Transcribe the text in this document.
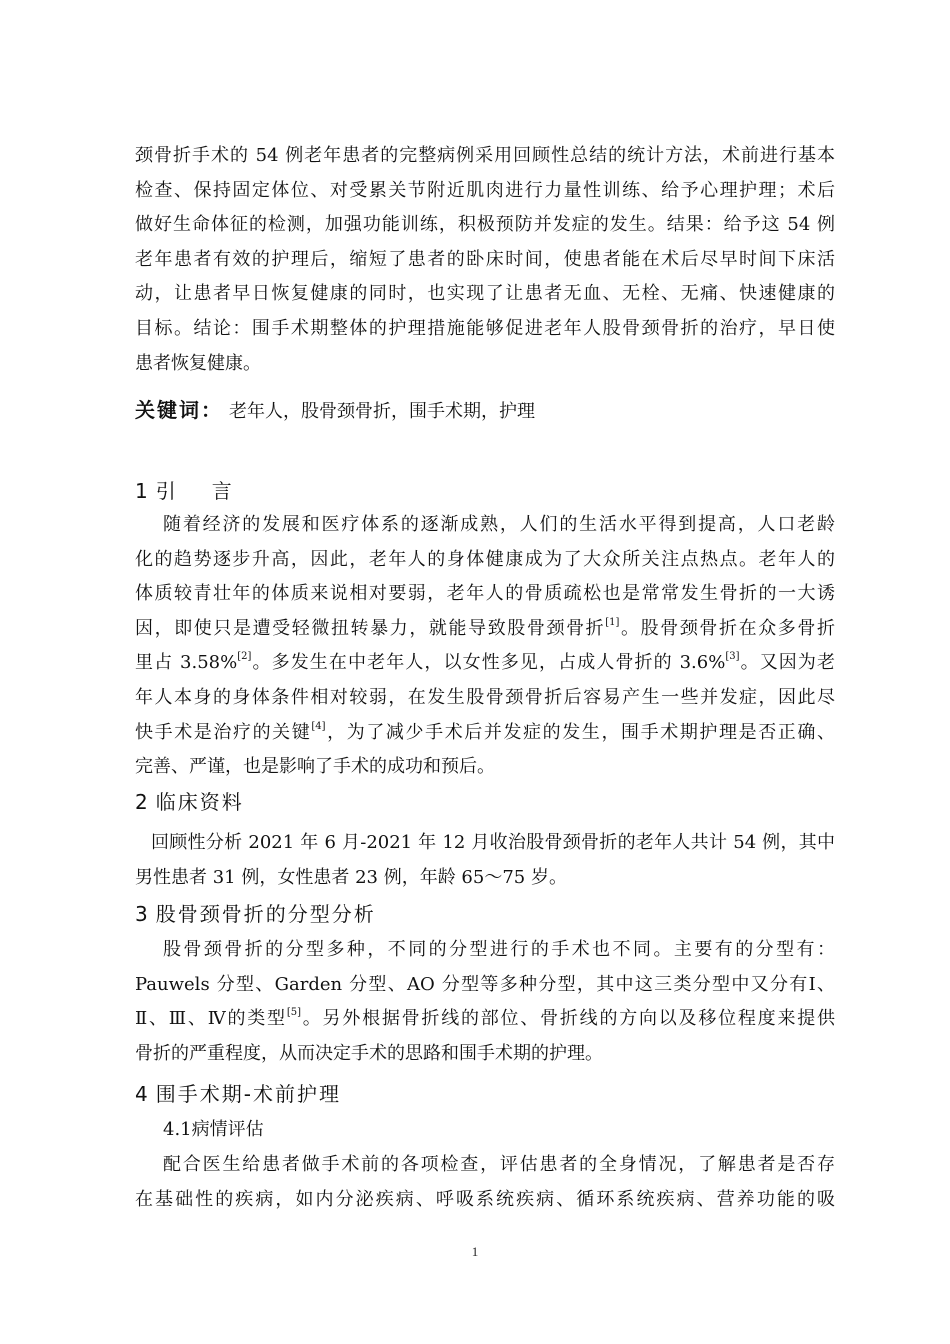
颈骨折手术的 54 例老年患者的完整病例采用回顾性总结的统计方法，术前进行基本
检查、保持固定体位、对受累关节附近肌肉进行力量性训练、给予心理护理；术后
做好生命体征的检测，加强功能训练，积极预防并发症的发生。结果：给予这 54 例
老年患者有效的护理后，缩短了患者的卧床时间，使患者能在术后尽早时间下床活
动，让患者早日恢复健康的同时，也实现了让患者无血、无栓、无痛、快速健康的
目标。结论：围手术期整体的护理措施能够促进老年人股骨颈骨折的治疗，早日使
患者恢复健康。
关键词： 老年人，股骨颈骨折，围手术期，护理
1 引　言
随着经济的发展和医疗体系的逐渐成熟，人们的生活水平得到提高，人口老龄
化的趋势逐步升高，因此，老年人的身体健康成为了大众所关注点热点。老年人的
体质较青壮年的体质来说相对要弱，老年人的骨质疏松也是常常发生骨折的一大诱
因，即使只是遭受轻微扭转暴力，就能导致股骨颈骨折[1]。股骨颈骨折在众多骨折
里占 3.58%[2]。多发生在中老年人，以女性多见，占成人骨折的 3.6%[3]。又因为老
年人本身的身体条件相对较弱，在发生股骨颈骨折后容易产生一些并发症，因此尽
快手术是治疗的关键[4]，为了减少手术后并发症的发生，围手术期护理是否正确、
完善、严谨，也是影响了手术的成功和预后。
2 临床资料
回顾性分析 2021 年 6 月-2021 年 12 月收治股骨颈骨折的老年人共计 54 例，其中
男性患者 31 例，女性患者 23 例，年龄 65～75 岁。
3 股骨颈骨折的分型分析
股骨颈骨折的分型多种，不同的分型进行的手术也不同。主要有的分型有：
Pauwels 分型、Garden 分型、AO 分型等多种分型，其中这三类分型中又分有Ⅰ、
Ⅱ、Ⅲ、Ⅳ的类型[5]。另外根据骨折线的部位、骨折线的方向以及移位程度来提供
骨折的严重程度，从而决定手术的思路和围手术期的护理。
4 围手术期-术前护理
4.1病情评估
配合医生给患者做手术前的各项检查，评估患者的全身情况，了解患者是否存
在基础性的疾病，如内分泌疾病、呼吸系统疾病、循环系统疾病、营养功能的吸
1
